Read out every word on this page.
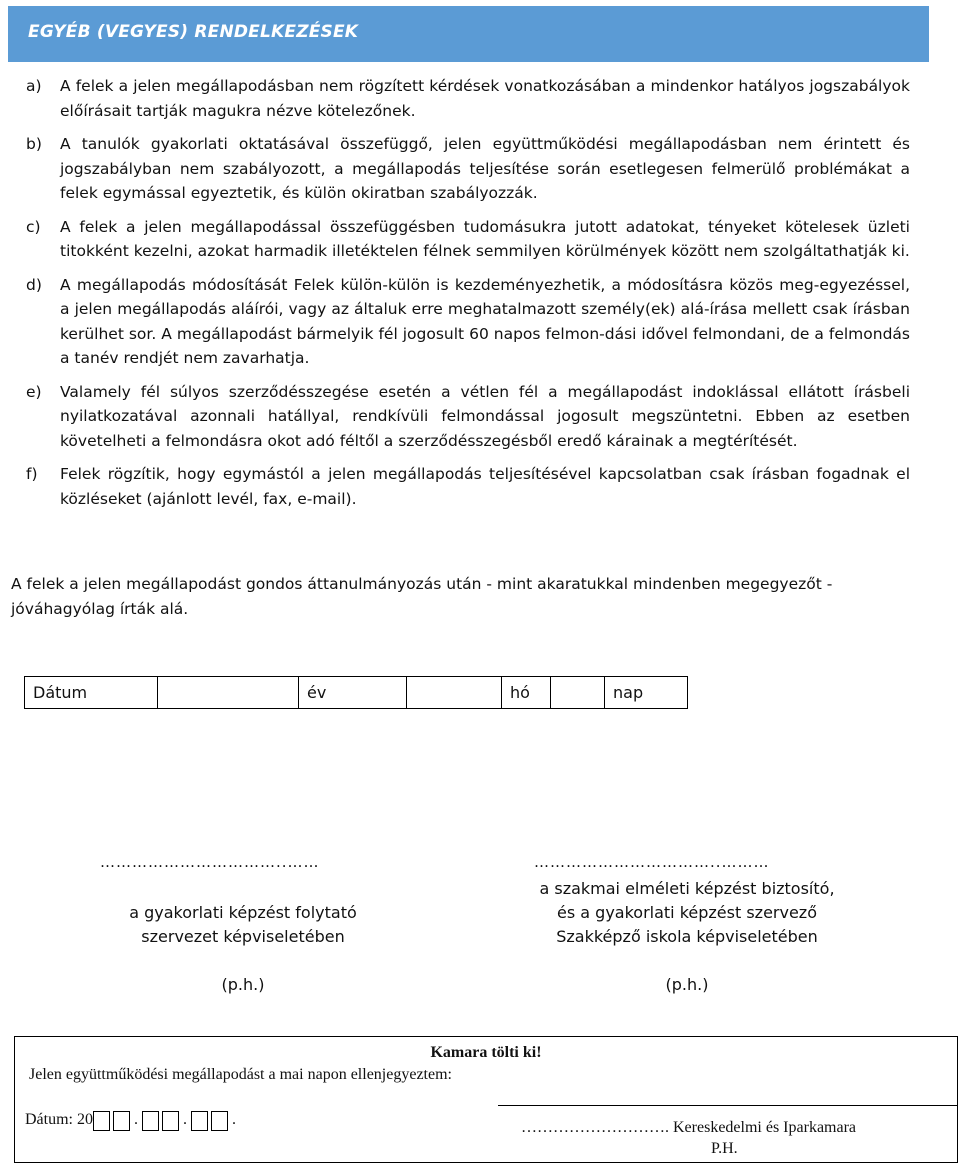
EGYÉB (VEGYES) RENDELKEZÉSEK
a)	A felek a jelen megállapodásban nem rögzített kérdések vonatkozásában a mindenkor hatályos jogszabályok előírásait tartják magukra nézve kötelezőnek.
b)	A tanulók gyakorlati oktatásával összefüggő, jelen együttműködési megállapodásban nem érintett és jogszabályban nem szabályozott, a megállapodás teljesítése során esetlegesen felmerülő problémákat a felek egymással egyeztetik, és külön okiratban szabályozzák.
c)	A felek a jelen megállapodással összefüggésben tudomásukra jutott adatokat, tényeket kötelesek üzleti titokként kezelni, azokat harmadik illetéktelen félnek semmilyen körülmények között nem szolgáltathatják ki.
d)	A megállapodás módosítását Felek külön-külön is kezdeményezhetik, a módosításra közös meg-egyezéssel, a jelen megállapodás aláírói, vagy az általuk erre meghatalmazott személy(ek) alá-írása mellett csak írásban kerülhet sor. A megállapodást bármelyik fél jogosult 60 napos felmon-dási idővel felmondani, de a felmondás a tanév rendjét nem zavarhatja.
e)	Valamely fél súlyos szerződésszegése esetén a vétlen fél a megállapodást indoklással ellátott írásbeli nyilatkozatával azonnali hatállyal, rendkívüli felmondással jogosult megszüntetni. Ebben az esetben követelheti a felmondásra okot adó féltől a szerződésszegésből eredő kárainak a megtérítését.
f)	Felek rögzítik, hogy egymástól a jelen megállapodás teljesítésével kapcsolatban csak írásban fogadnak el közléseket (ajánlott levél, fax, e-mail).
A felek a jelen megállapodást gondos áttanulmányozás után - mint akaratukkal mindenben megegyezőt - jóváhagyólag írták alá.
Dátum		év		hó		nap
……………………………..……
a gyakorlati képzést folytató
szervezet képviseletében
(p.h.)
……………………………..………
a szakmai elméleti képzést biztosító,
és a gyakorlati képzést szervező
Szakképző iskola képviseletében
(p.h.)
Kamara tölti ki!
Jelen együttműködési megállapodást a mai napon ellenjegyeztem:
Dátum: 20	.	.	.	………………………. Kereskedelmi és Iparkamara
P.H.
